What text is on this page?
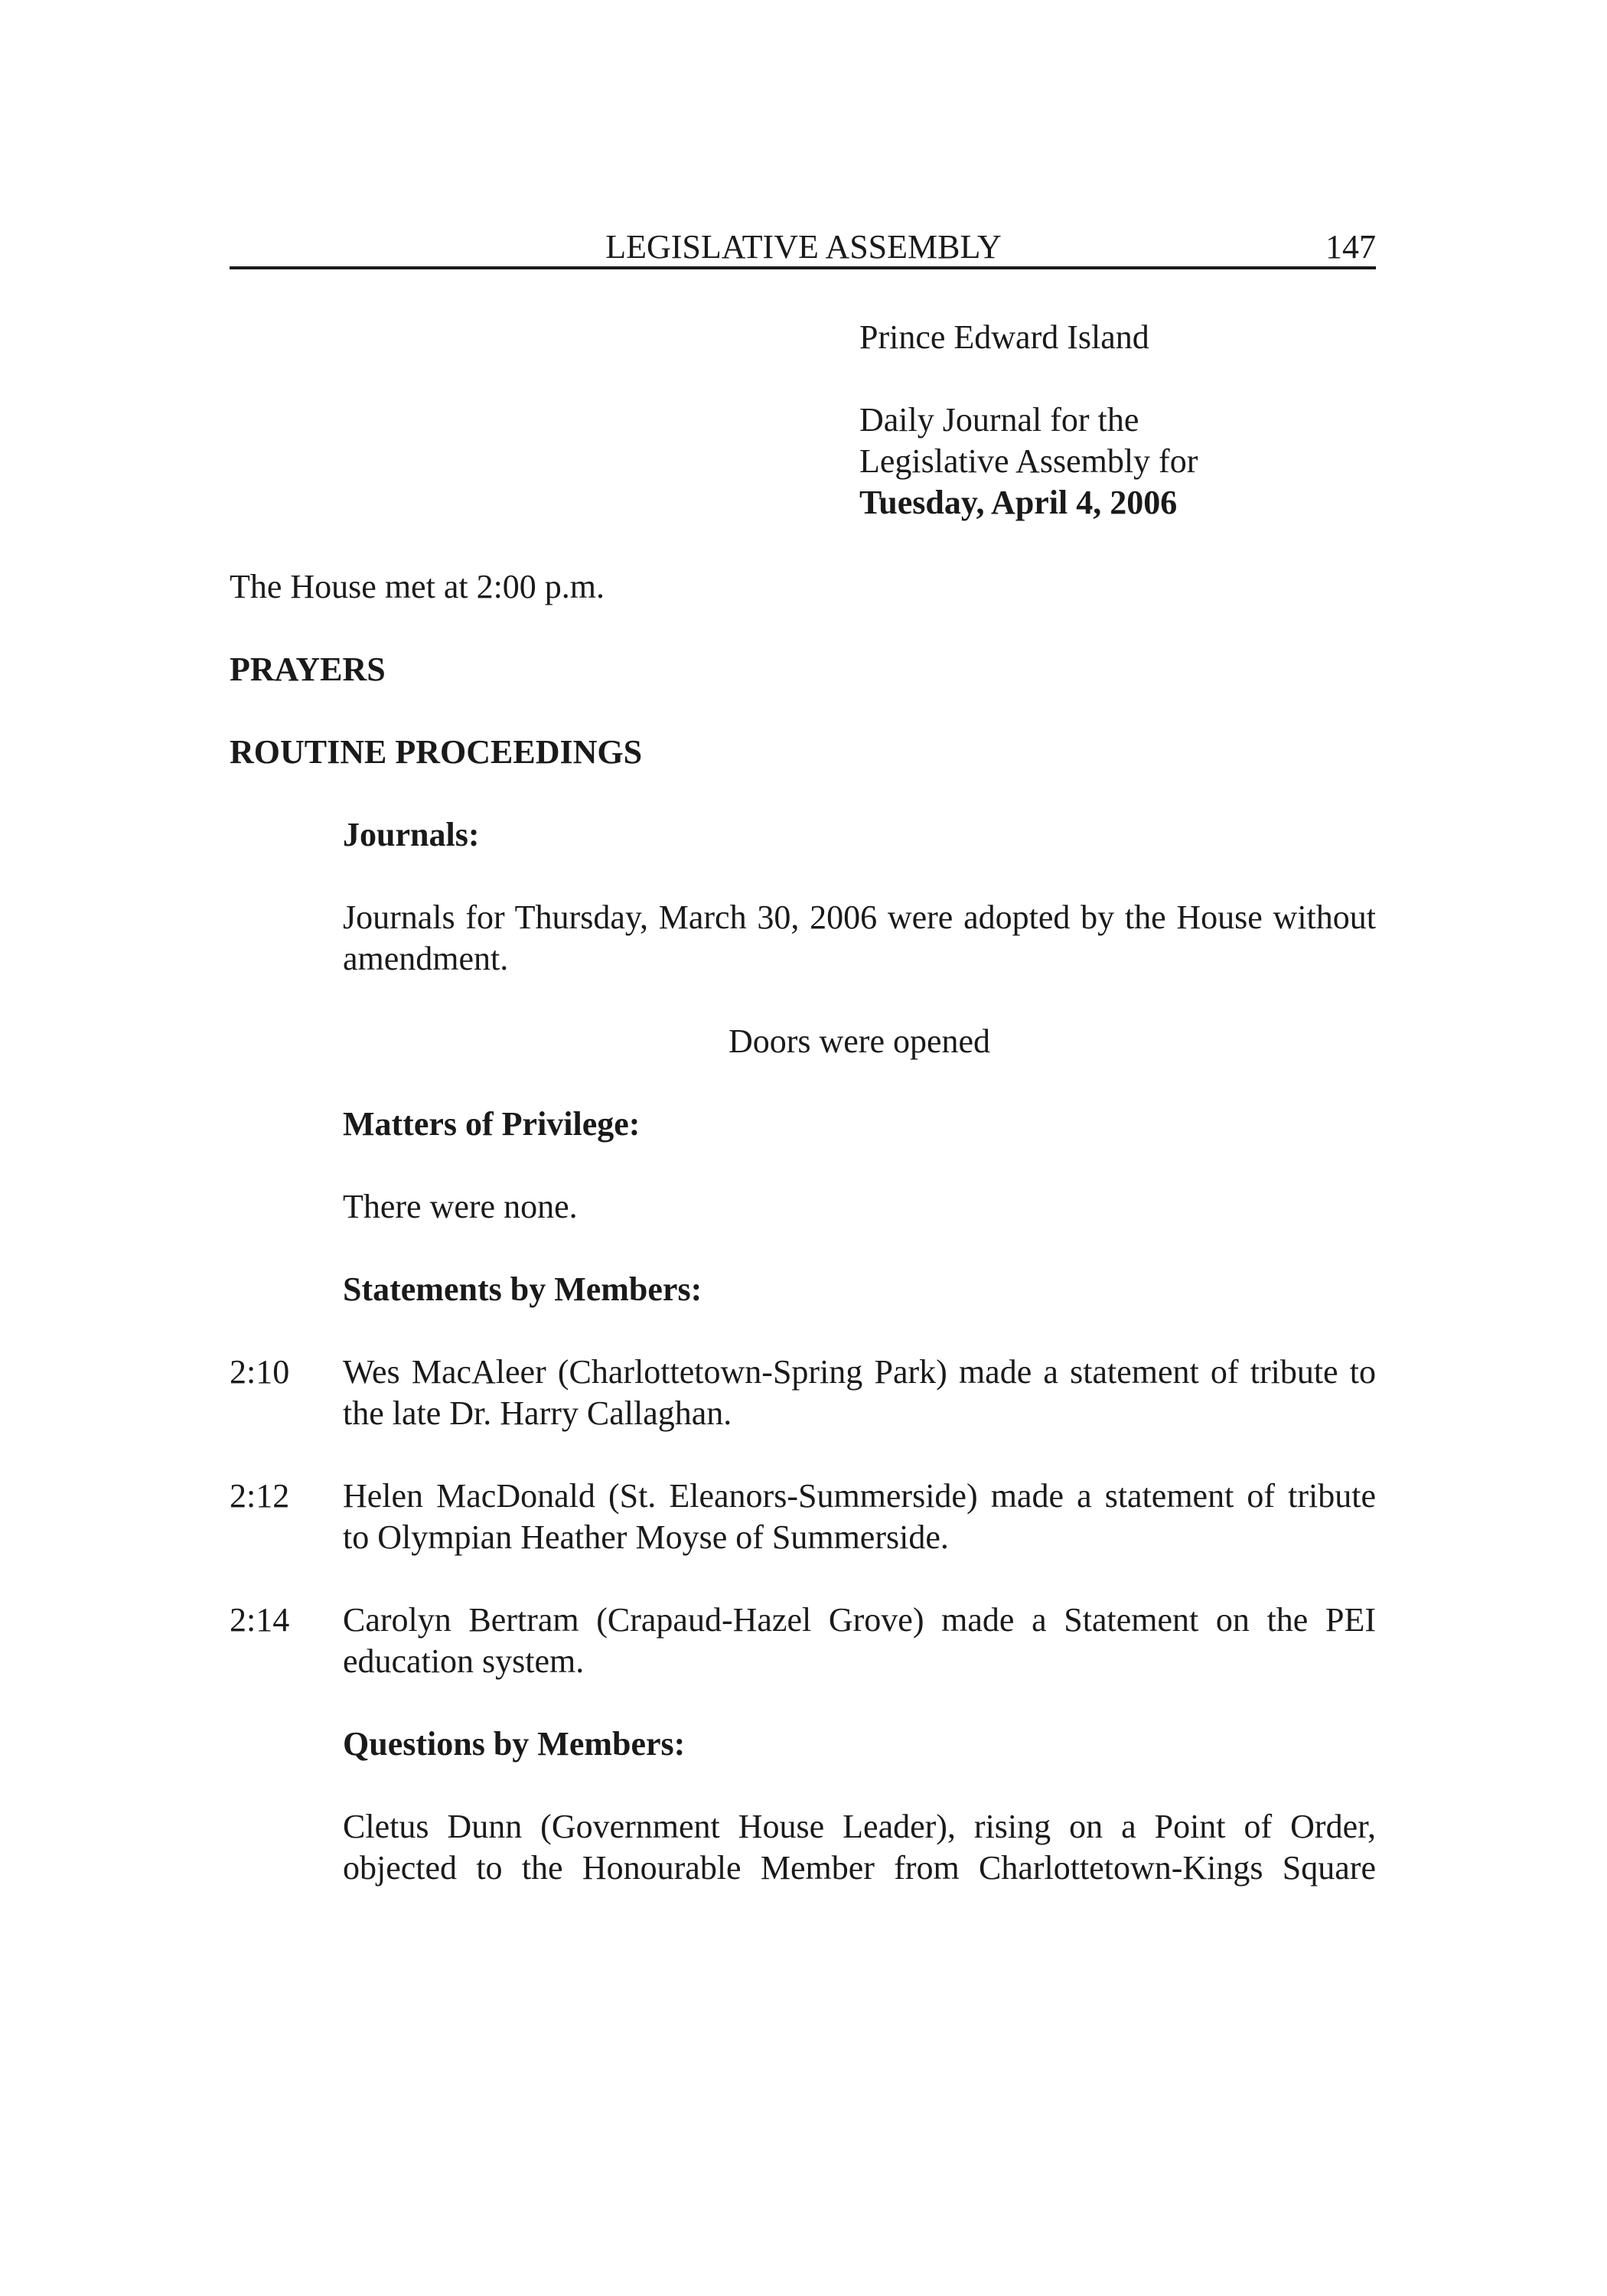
LEGISLATIVE ASSEMBLY	147
Prince Edward Island
Daily Journal for the
Legislative Assembly for
Tuesday, April 4, 2006
The House met at 2:00 p.m.
PRAYERS
ROUTINE PROCEEDINGS
Journals:
Journals for Thursday, March 30, 2006 were adopted by the House without
amendment.
Doors were opened
Matters of Privilege:
There were none.
Statements by Members:
2:10 Wes MacAleer (Charlottetown-Spring Park) made a statement of tribute to
the late Dr. Harry Callaghan.
2:12 Helen MacDonald (St. Eleanors-Summerside) made a statement of tribute
to Olympian Heather Moyse of Summerside.
2:14 Carolyn Bertram (Crapaud-Hazel Grove) made a Statement on the PEI
education system.
Questions by Members:
Cletus Dunn (Government House Leader), rising on a Point of Order,
objected to the Honourable Member from Charlottetown-Kings Square
